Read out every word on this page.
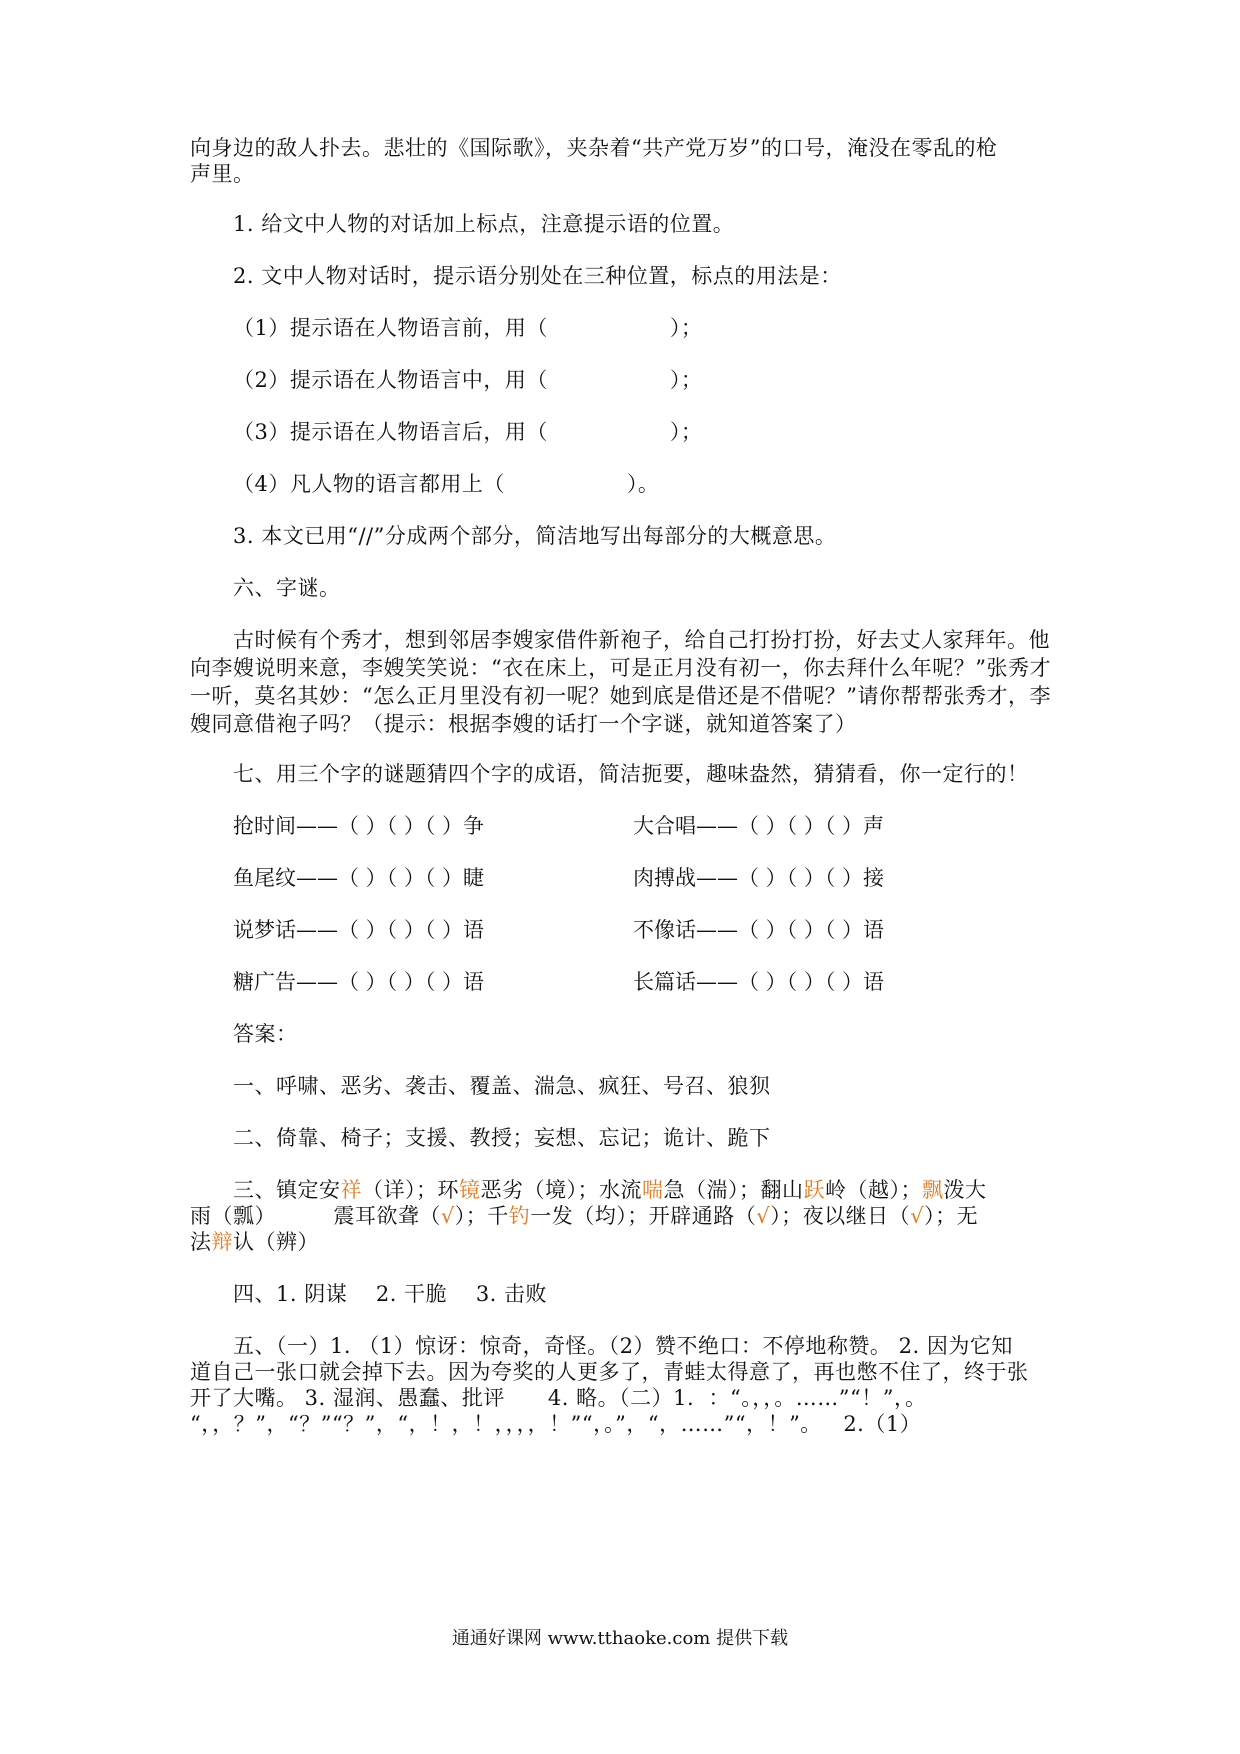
向身边的敌人扑去。悲壮的《国际歌》，夹杂着“共产党万岁”的口号，淹没在零乱的枪
声里。
1. 给文中人物的对话加上标点，注意提示语的位置。
2. 文中人物对话时，提示语分别处在三种位置，标点的用法是：
（1）提示语在人物语言前，用（	）；
（2）提示语在人物语言中，用（	）；
（3）提示语在人物语言后，用（	）；
（4）凡人物的语言都用上（	）。
3. 本文已用“//”分成两个部分，简洁地写出每部分的大概意思。
六、字谜。
古时候有个秀才，想到邻居李嫂家借件新袍子，给自己打扮打扮，好去丈人家拜年。他向李嫂说明来意，李嫂笑笑说：“衣在床上，可是正月没有初一，你去拜什么年呢？”张秀才一听，莫名其妙：“怎么正月里没有初一呢？她到底是借还是不借呢？”请你帮帮张秀才，李嫂同意借袍子吗？（提示：根据李嫂的话打一个字谜，就知道答案了）
七、用三个字的谜题猜四个字的成语，简洁扼要，趣味盎然，猜猜看，你一定行的！
抢时间——（ ）（ ）（ ）争	大合唱——（ ）（ ）（ ）声
鱼尾纹——（ ）（ ）（ ）睫	肉搏战——（ ）（ ）（ ）接
说梦话——（ ）（ ）（ ）语	不像话——（ ）（ ）（ ）语
糖广告——（ ）（ ）（ ）语	长篇话——（ ）（ ）（ ）语
答案：
一、呼啸、恶劣、袭击、覆盖、湍急、疯狂、号召、狼狈
二、倚靠、椅子；支援、教授；妄想、忘记；诡计、跪下
三、镇定安祥（详）；环镜恶劣（境）；水流喘急（湍）；翻山跃岭（越）；飘泼大
雨（瓢）        震耳欲聋（√）；千钓一发（均）；开辟通路（√）；夜以继日（√）；无
法辩认（辨）
四、1. 阴谋    2. 干脆    3. 击败
五、（一）1. （1）惊讶：惊奇，奇怪。（2）赞不绝口：不停地称赞。 2. 因为它知
道自己一张口就会掉下去。因为夸奖的人更多了，青蛙太得意了，再也憋不住了，终于张
开了大嘴。 3. 湿润、愚蠢、批评      4. 略。（二）1.  ：“。，，。……”“！”，。
“，，？”，“？”“？”，“，！，！，，，，！”“，。”，“，……”“，！”。   2.（1）
通通好课网 www.tthaoke.com 提供下载
